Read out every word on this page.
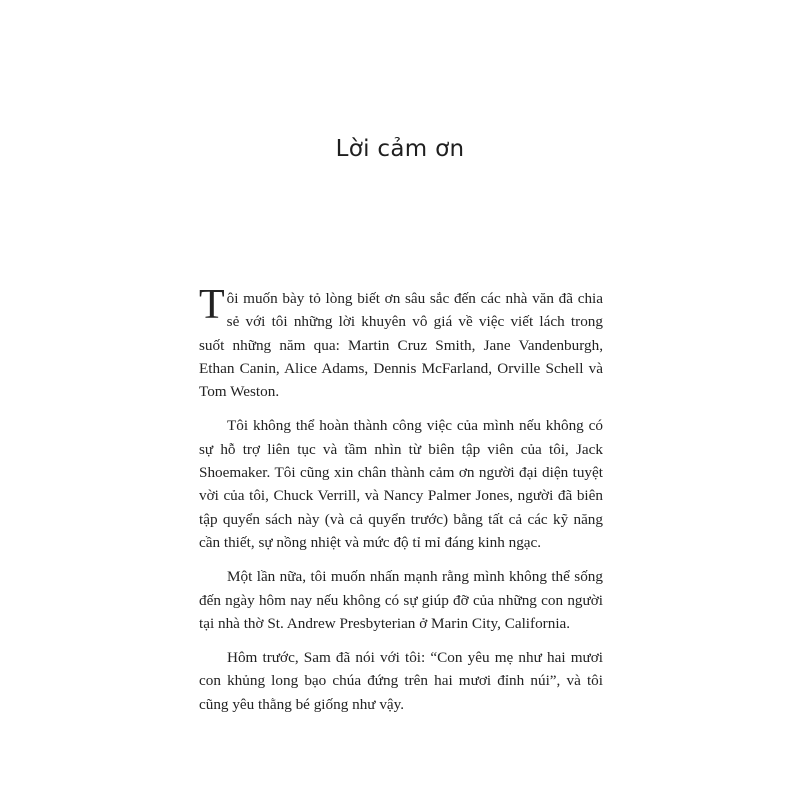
Lời cảm ơn

Tôi muốn bày tỏ lòng biết ơn sâu sắc đến các nhà văn đã chia sẻ với tôi những lời khuyên vô giá về việc viết lách trong suốt những năm qua: Martin Cruz Smith, Jane Vandenburgh, Ethan Canin, Alice Adams, Dennis McFarland, Orville Schell và Tom Weston.

Tôi không thể hoàn thành công việc của mình nếu không có sự hỗ trợ liên tục và tầm nhìn từ biên tập viên của tôi, Jack Shoemaker. Tôi cũng xin chân thành cảm ơn người đại diện tuyệt vời của tôi, Chuck Verrill, và Nancy Palmer Jones, người đã biên tập quyển sách này (và cả quyển trước) bằng tất cả các kỹ năng cần thiết, sự nồng nhiệt và mức độ tỉ mỉ đáng kinh ngạc.

Một lần nữa, tôi muốn nhấn mạnh rằng mình không thể sống đến ngày hôm nay nếu không có sự giúp đỡ của những con người tại nhà thờ St. Andrew Presbyterian ở Marin City, California.

Hôm trước, Sam đã nói với tôi: “Con yêu mẹ như hai mươi con khủng long bạo chúa đứng trên hai mươi đỉnh núi”, và tôi cũng yêu thằng bé giống như vậy.
